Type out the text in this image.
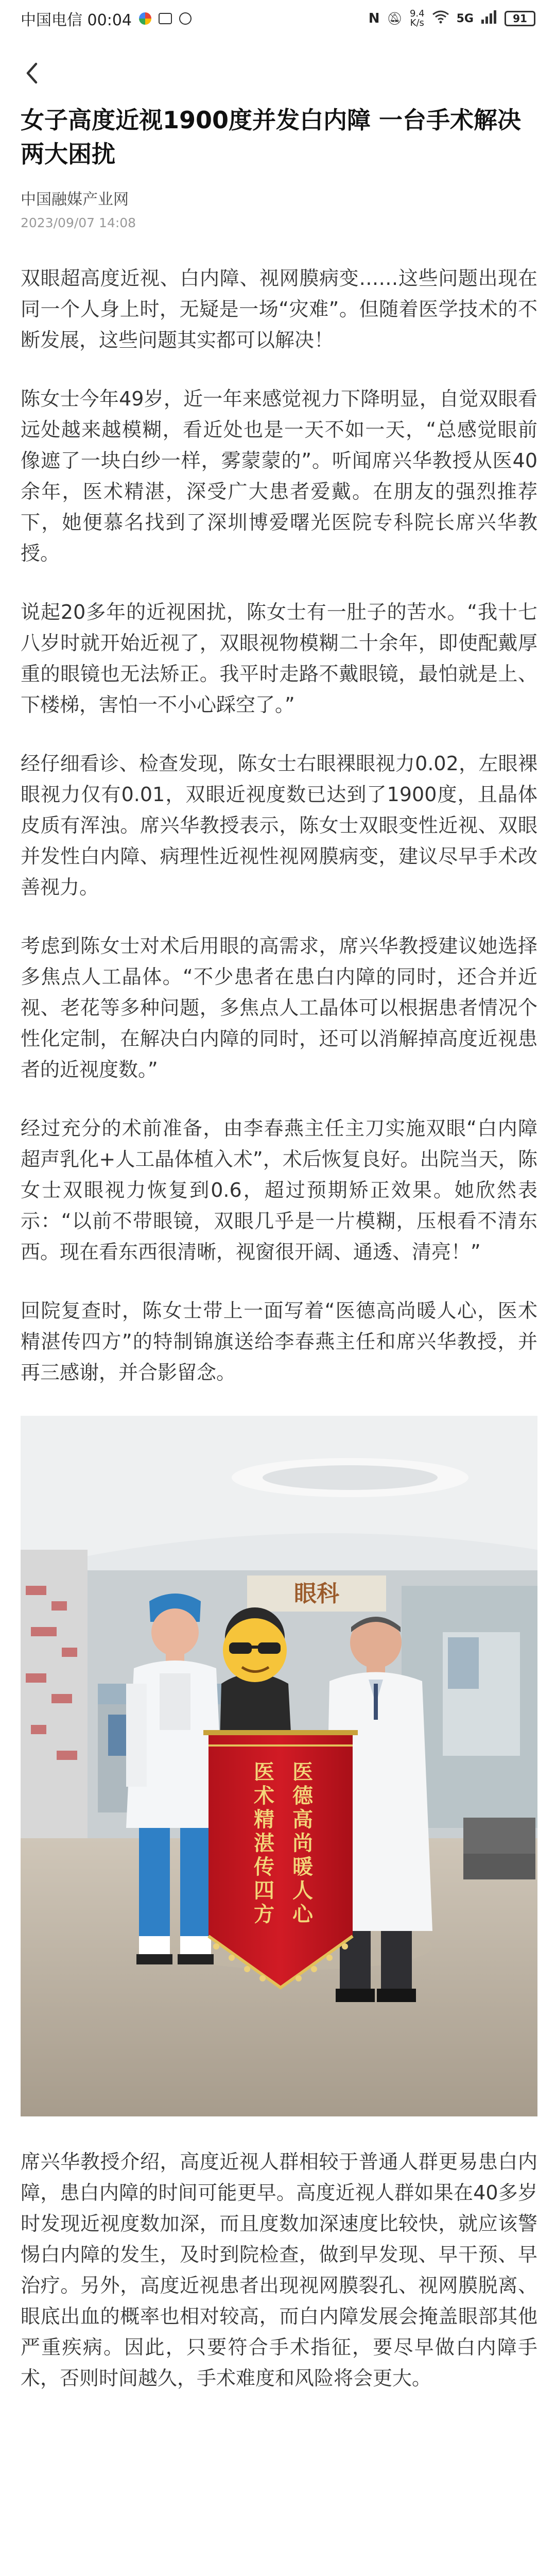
中国电信 00:04	N 🔕︎ 9.4
K/s	5G	91
女子高度近视1900度并发白内障 一台手术解决两大困扰
中国融媒产业网
2023/09/07 14:08

双眼超高度近视、白内障、视网膜病变……这些问题出现在同一个人身上时，无疑是一场“灾难”。但随着医学技术的不断发展，这些问题其实都可以解决！

陈女士今年49岁，近一年来感觉视力下降明显，自觉双眼看远处越来越模糊，看近处也是一天不如一天，“总感觉眼前像遮了一块白纱一样，雾蒙蒙的”。听闻席兴华教授从医40余年，医术精湛，深受广大患者爱戴。在朋友的强烈推荐下，她便慕名找到了深圳博爱曙光医院专科院长席兴华教授。

说起20多年的近视困扰，陈女士有一肚子的苦水。“我十七八岁时就开始近视了，双眼视物模糊二十余年，即使配戴厚重的眼镜也无法矫正。我平时走路不戴眼镜，最怕就是上、下楼梯，害怕一不小心踩空了。”

经仔细看诊、检查发现，陈女士右眼裸眼视力0.02，左眼裸眼视力仅有0.01，双眼近视度数已达到了1900度，且晶体皮质有浑浊。席兴华教授表示，陈女士双眼变性近视、双眼并发性白内障、病理性近视性视网膜病变，建议尽早手术改善视力。

考虑到陈女士对术后用眼的高需求，席兴华教授建议她选择多焦点人工晶体。“不少患者在患白内障的同时，还合并近视、老花等多种问题，多焦点人工晶体可以根据患者情况个性化定制，在解决白内障的同时，还可以消解掉高度近视患者的近视度数。”

经过充分的术前准备，由李春燕主任主刀实施双眼“白内障超声乳化+人工晶体植入术”，术后恢复良好。出院当天，陈女士双眼视力恢复到0.6，超过预期矫正效果。她欣然表示：“以前不带眼镜，双眼几乎是一片模糊，压根看不清东西。现在看东西很清晰，视窗很开阔、通透、清亮！”

回院复查时，陈女士带上一面写着“医德高尚暖人心，医术精湛传四方”的特制锦旗送给李春燕主任和席兴华教授，并再三感谢，并合影留念。

眼科
医德高尚暖人心
医术精湛传四方

席兴华教授介绍，高度近视人群相较于普通人群更易患白内障，患白内障的时间可能更早。高度近视人群如果在40多岁时发现近视度数加深，而且度数加深速度比较快，就应该警惕白内障的发生，及时到院检查，做到早发现、早干预、早治疗。另外，高度近视患者出现视网膜裂孔、视网膜脱离、眼底出血的概率也相对较高，而白内障发展会掩盖眼部其他严重疾病。因此，只要符合手术指征，要尽早做白内障手术，否则时间越久，手术难度和风险将会更大。
